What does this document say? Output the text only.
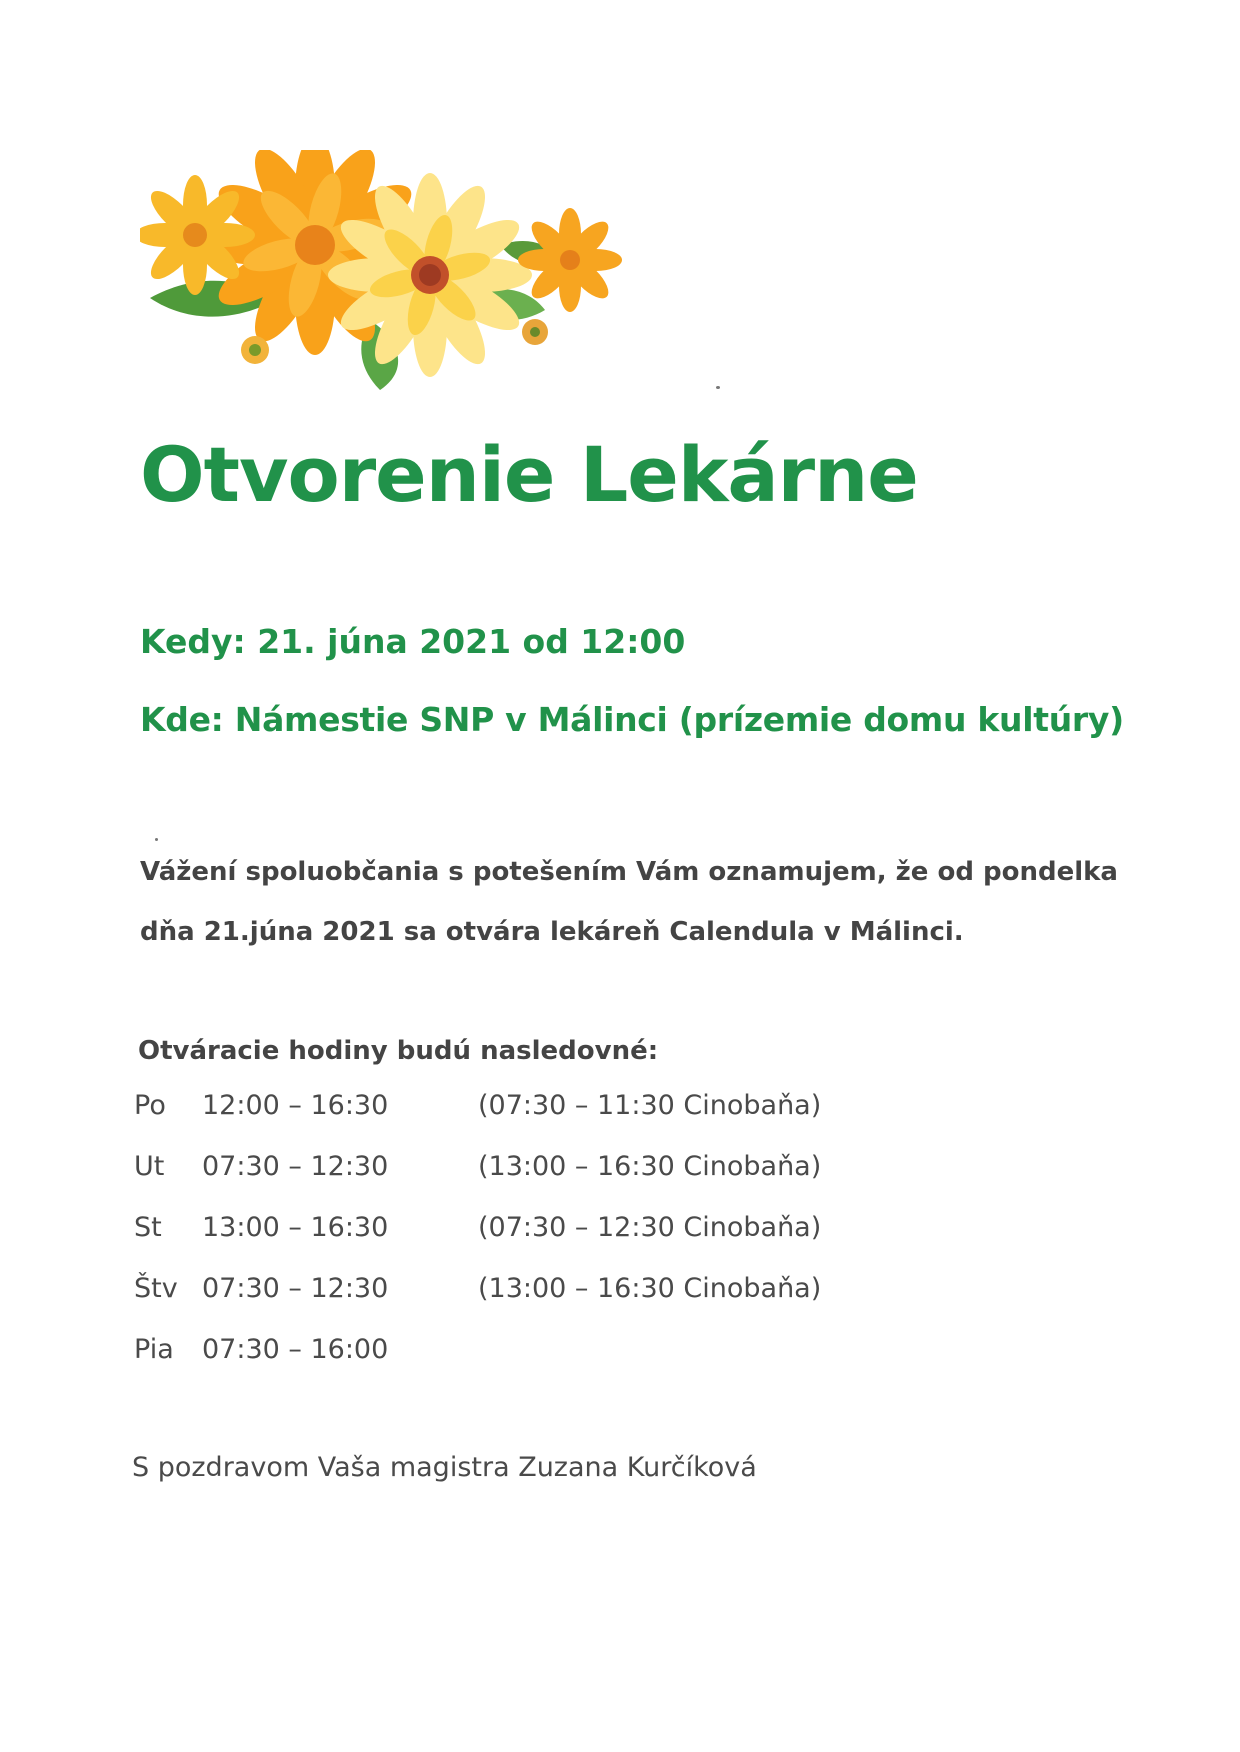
Otvorenie Lekárne
Kedy: 21. júna 2021 od 12:00
Kde: Námestie SNP v Málinci (prízemie domu kultúry)
Vážení spoluobčania s potešením Vám oznamujem, že od pondelka
dňa 21.júna 2021 sa otvára lekáreň Calendula v Málinci.
Otváracie hodiny budú nasledovné:
Po 12:00 – 16:30	(07:30 – 11:30 Cinobaňa)
Ut 07:30 – 12:30	(13:00 – 16:30 Cinobaňa)
St 13:00 – 16:30	(07:30 – 12:30 Cinobaňa)
Štv 07:30 – 12:30	(13:00 – 16:30 Cinobaňa)
Pia 07:30 – 16:00
S pozdravom Vaša magistra Zuzana Kurčíková
